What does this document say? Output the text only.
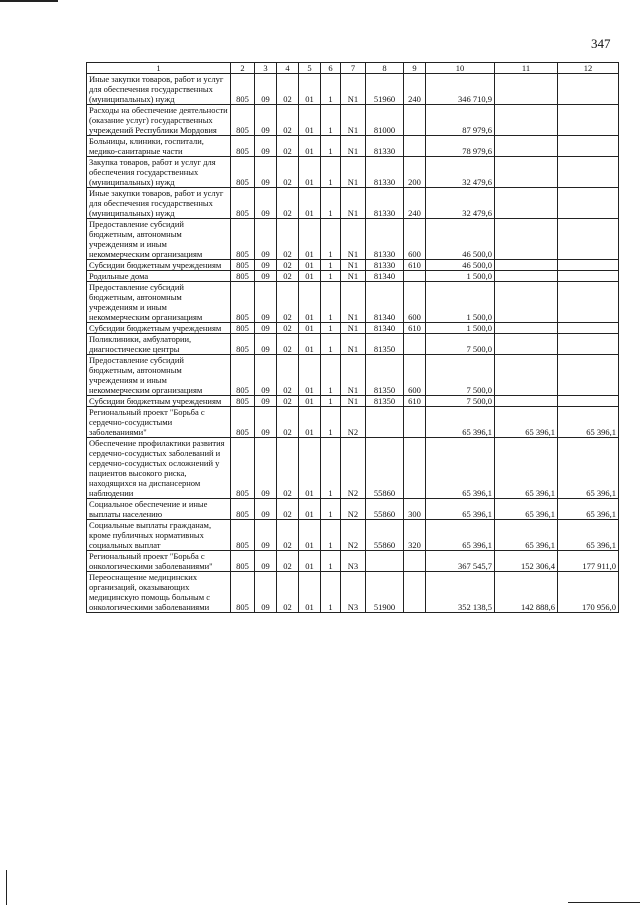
347
1	2	3	4	5	6	7	8	9	10	11	12
Иные закупки товаров, работ и услуг для обеспечения государственных (муниципальных) нужд	805	09	02	01	1	N1	51960	240	346 710,9		
Расходы на обеспечение деятельности (оказание услуг) государственных учреждений Республики Мордовия	805	09	02	01	1	N1	81000		87 979,6		
Больницы, клиники, госпитали, медико-санитарные части	805	09	02	01	1	N1	81330		78 979,6		
Закупка товаров, работ и услуг для обеспечения государственных (муниципальных) нужд	805	09	02	01	1	N1	81330	200	32 479,6		
Иные закупки товаров, работ и услуг для обеспечения государственных (муниципальных) нужд	805	09	02	01	1	N1	81330	240	32 479,6		
Предоставление субсидий бюджетным, автономным учреждениям и иным некоммерческим организациям	805	09	02	01	1	N1	81330	600	46 500,0		
Субсидии бюджетным учреждениям	805	09	02	01	1	N1	81330	610	46 500,0		
Родильные дома	805	09	02	01	1	N1	81340		1 500,0		
Предоставление субсидий бюджетным, автономным учреждениям и иным некоммерческим организациям	805	09	02	01	1	N1	81340	600	1 500,0		
Субсидии бюджетным учреждениям	805	09	02	01	1	N1	81340	610	1 500,0		
Поликлиники, амбулатории, диагностические центры	805	09	02	01	1	N1	81350		7 500,0		
Предоставление субсидий бюджетным, автономным учреждениям и иным некоммерческим организациям	805	09	02	01	1	N1	81350	600	7 500,0		
Субсидии бюджетным учреждениям	805	09	02	01	1	N1	81350	610	7 500,0		
Региональный проект "Борьба с сердечно-сосудистыми заболеваниями"	805	09	02	01	1	N2			65 396,1	65 396,1	65 396,1
Обеспечение профилактики развития сердечно-сосудистых заболеваний и сердечно-сосудистых осложнений у пациентов высокого риска, находящихся на диспансерном наблюдении	805	09	02	01	1	N2	55860		65 396,1	65 396,1	65 396,1
Социальное обеспечение и иные выплаты населению	805	09	02	01	1	N2	55860	300	65 396,1	65 396,1	65 396,1
Социальные выплаты гражданам, кроме публичных нормативных социальных выплат	805	09	02	01	1	N2	55860	320	65 396,1	65 396,1	65 396,1
Региональный проект "Борьба с онкологическими заболеваниями"	805	09	02	01	1	N3			367 545,7	152 306,4	177 911,0
Переоснащение медицинских организаций, оказывающих медицинскую помощь больным с онкологическими заболеваниями	805	09	02	01	1	N3	51900		352 138,5	142 888,6	170 956,0
